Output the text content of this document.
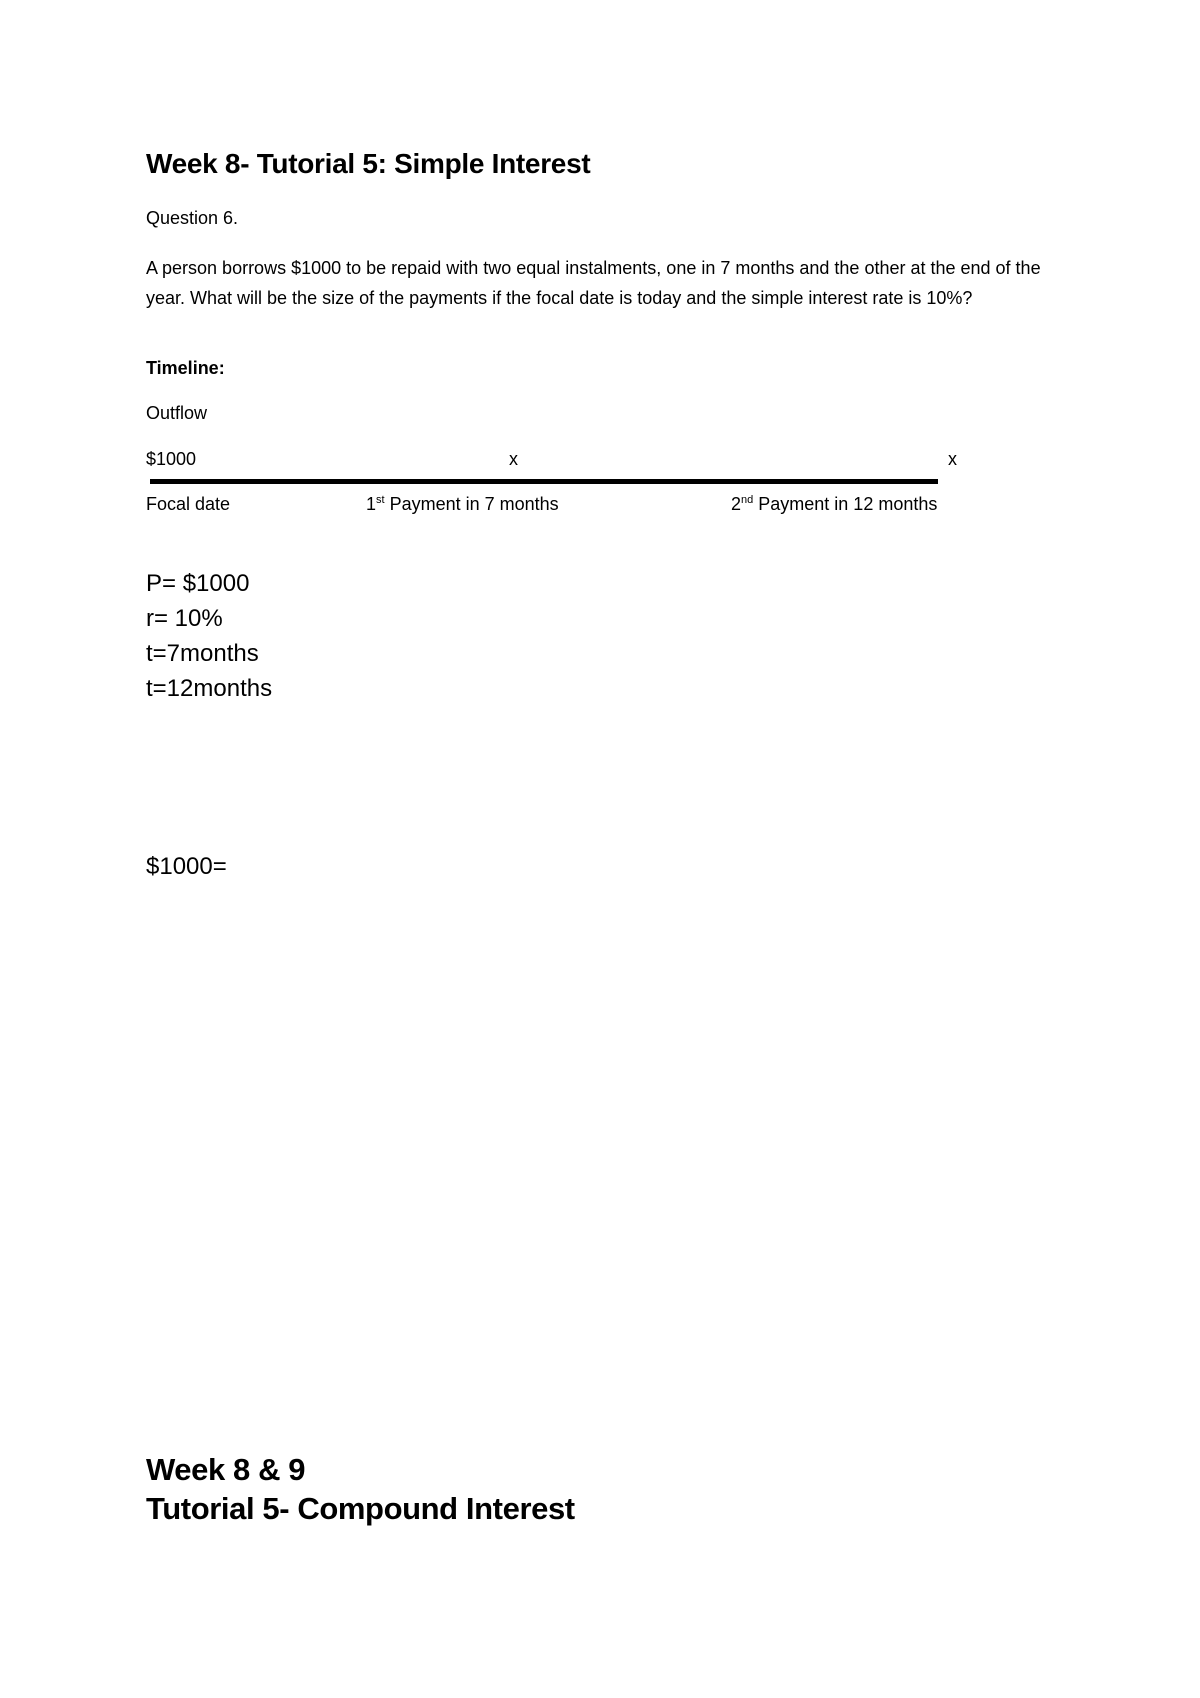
Week 8- Tutorial 5: Simple Interest
Question 6.
A person borrows $1000 to be repaid with two equal instalments, one in 7 months and the other at the end of the year. What will be the size of the payments if the focal date is today and the simple interest rate is 10%?
Timeline:
Outflow
$1000	x	x
Focal date	1st Payment in 7 months	2nd Payment in 12 months
P= $1000
r= 10%
t=7months
t=12months
$1000=
Week 8 & 9
Tutorial 5- Compound Interest
